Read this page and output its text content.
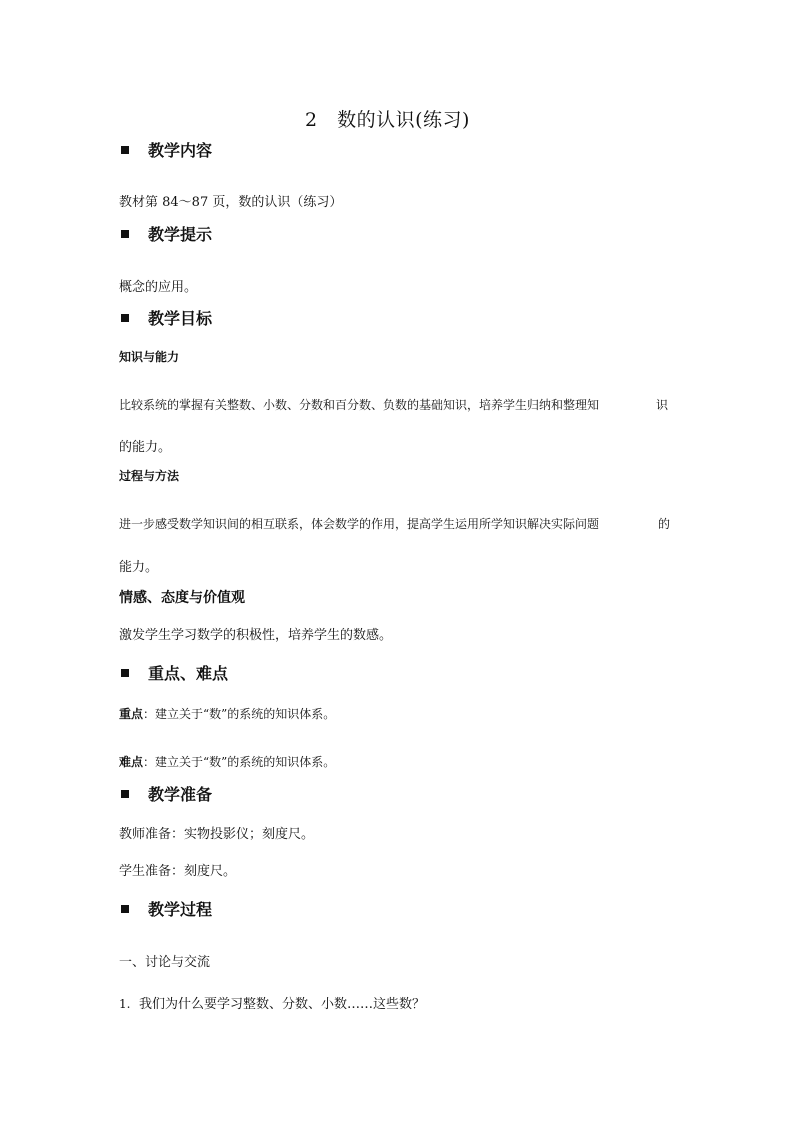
2　数的认识(练习)
教学内容
教材第 84～87 页，数的认识（练习）
教学提示
概念的应用。
教学目标
知识与能力
比较系统的掌握有关整数、小数、分数和百分数、负数的基础知识，培养学生归纳和整理知	识
的能力。
过程与方法
进一步感受数学知识间的相互联系，体会数学的作用，提高学生运用所学知识解决实际问题	的
能力。
情感、态度与价值观
激发学生学习数学的积极性，培养学生的数感。
重点、难点
重点：建立关于“数”的系统的知识体系。
难点：建立关于“数”的系统的知识体系。
教学准备
教师准备：实物投影仪；刻度尺。
学生准备：刻度尺。
教学过程
一、讨论与交流
1. 我们为什么要学习整数、分数、小数……这些数？
